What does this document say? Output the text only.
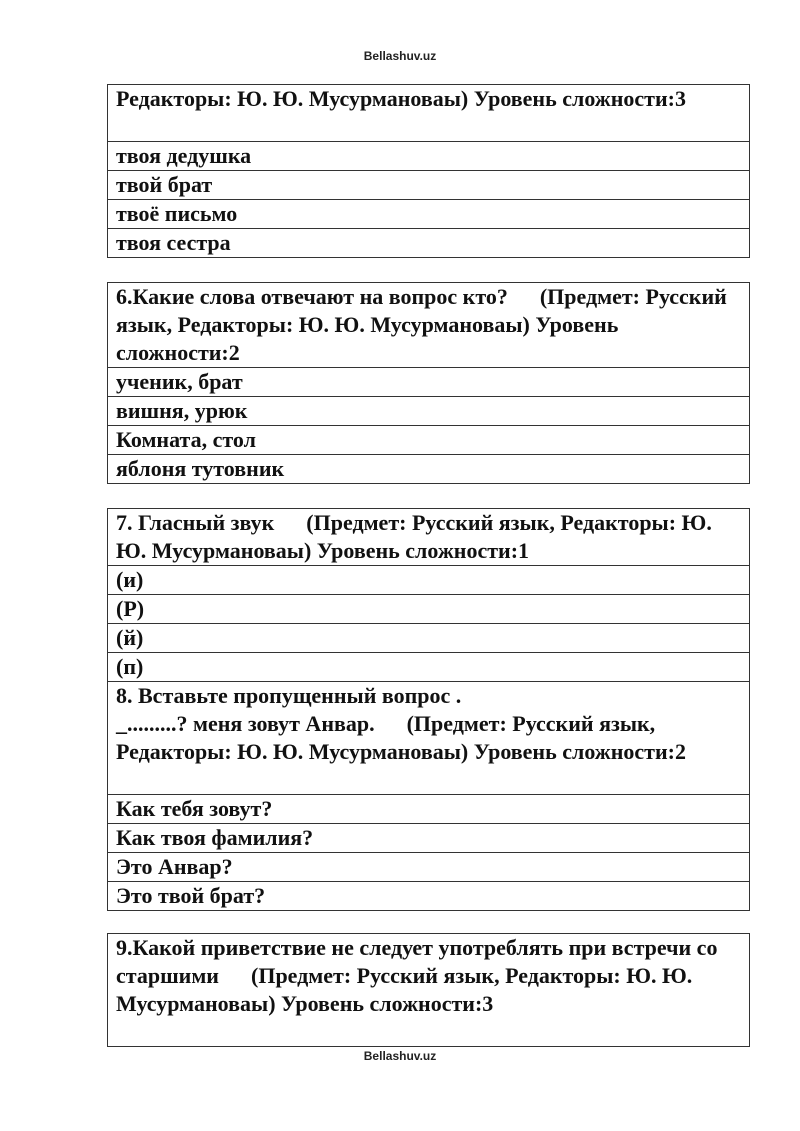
Bellashuv.uz
Редакторы: Ю. Ю. Мусурмановаы) Уровень сложности:3
твоя дедушка
твой брат
твоё письмо
твоя сестра
6.Какие слова отвечают на вопрос кто? (Предмет: Русский язык, Редакторы: Ю. Ю. Мусурмановаы) Уровень сложности:2
ученик, брат
вишня, урюк
Комната, стол
яблоня тутовник
7. Гласный звук (Предмет: Русский язык, Редакторы: Ю. Ю. Мусурмановаы) Уровень сложности:1
(и)
(Р)
(й)
(п)
8. Вставьте пропущенный вопрос .
_.........? меня зовут Анвар. (Предмет: Русский язык, Редакторы: Ю. Ю. Мусурмановаы) Уровень сложности:2
Как тебя зовут?
Как твоя фамилия?
Это Анвар?
Это твой брат?
9.Какой приветствие не следует употреблять при встречи со старшими (Предмет: Русский язык, Редакторы: Ю. Ю. Мусурмановаы) Уровень сложности:3
Bellashuv.uz
